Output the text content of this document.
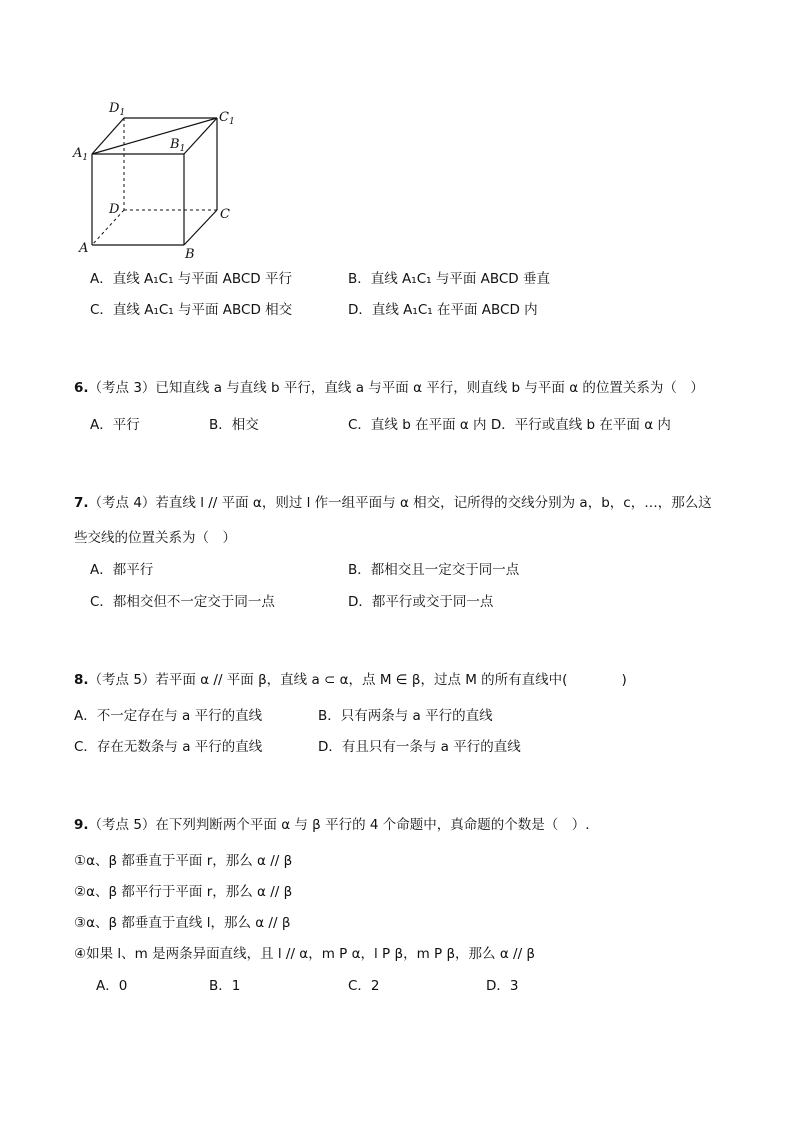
$D_1$	$C_1$
$A_1$
$B_1$
D	C
A	B
A．直线 A₁C₁ 与平面 ABCD 平行	B．直线 A₁C₁ 与平面 ABCD 垂直
C．直线 A₁C₁ 与平面 ABCD 相交	D．直线 A₁C₁ 在平面 ABCD 内
6.（考点 3）已知直线 a 与直线 b 平行，直线 a 与平面 α 平行，则直线 b 与平面 α 的位置关系为（　）
A．平行	B．相交	C．直线 b 在平面 α 内 D．平行或直线 b 在平面 α 内
7.（考点 4）若直线 l // 平面 α，则过 l 作一组平面与 α 相交，记所得的交线分别为 a，b，c，…，那么这
些交线的位置关系为（　）
A．都平行	B．都相交且一定交于同一点
C．都相交但不一定交于同一点	D．都平行或交于同一点
8.（考点 5）若平面 α // 平面 β，直线 a ⊂ α，点 M ∈ β，过点 M 的所有直线中(　　　　)
A．不一定存在与 a 平行的直线	B．只有两条与 a 平行的直线
C．存在无数条与 a 平行的直线	D．有且只有一条与 a 平行的直线
9.（考点 5）在下列判断两个平面 α 与 β 平行的 4 个命题中，真命题的个数是（　）.
①α、β 都垂直于平面 r，那么 α // β
②α、β 都平行于平面 r，那么 α // β
③α、β 都垂直于直线 l，那么 α // β
④如果 l、m 是两条异面直线，且 l // α，m P α，l P β，m P β，那么 α // β
A．0	B．1	C．2	D．3
